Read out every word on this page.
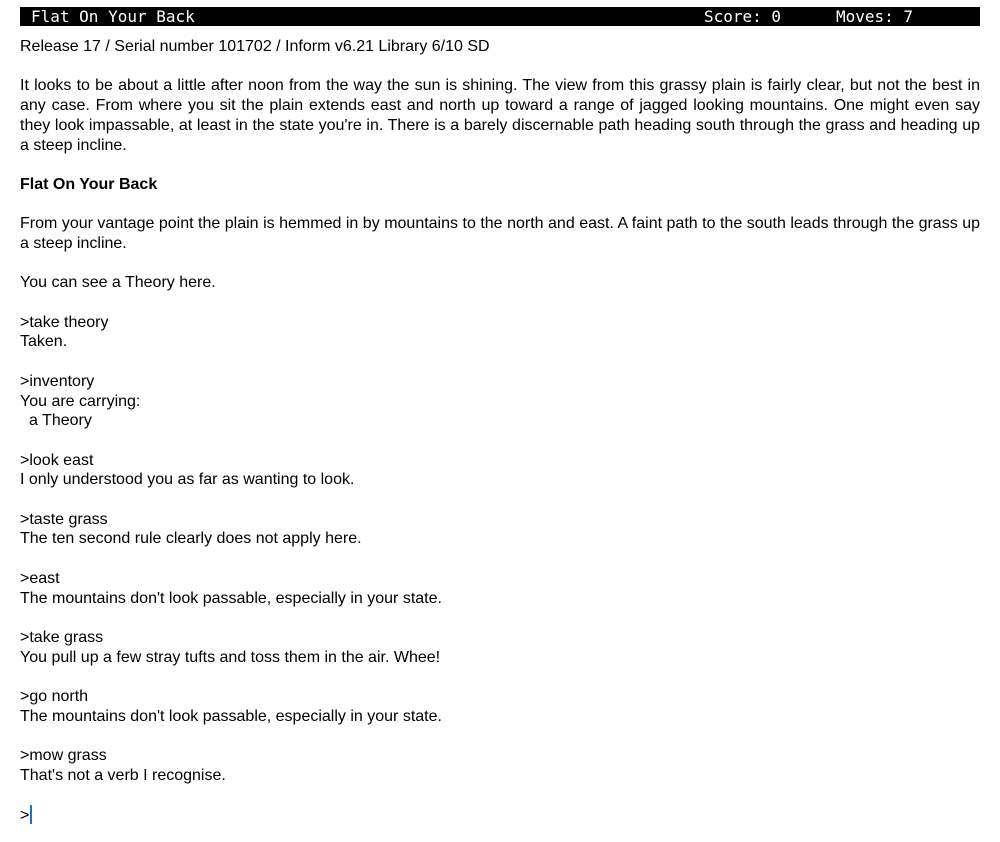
Flat On Your Back

	Score: 0

	Moves: 7

Release 17 / Serial number 101702 / Inform v6.21 Library 6/10 SD

It looks to be about a little after noon from the way the sun is shining. The view from this grassy plain is fairly clear, but not the best in any case. From where you sit the plain extends east and north up toward a range of jagged looking mountains. One might even say they look impassable, at least in the state you're in. There is a barely discernable path heading south through the grass and heading up a steep incline.

Flat On Your Back

From your vantage point the plain is hemmed in by mountains to the north and east. A faint path to the south leads through the grass up a steep incline.

You can see a Theory here.

>take theory

Taken.

>inventory

You are carrying:

a Theory

>look east

I only understood you as far as wanting to look.

>taste grass

The ten second rule clearly does not apply here.

>east

The mountains don't look passable, especially in your state.

>take grass

You pull up a few stray tufts and toss them in the air. Whee!

>go north

The mountains don't look passable, especially in your state.

>mow grass

That's not a verb I recognise.

>
